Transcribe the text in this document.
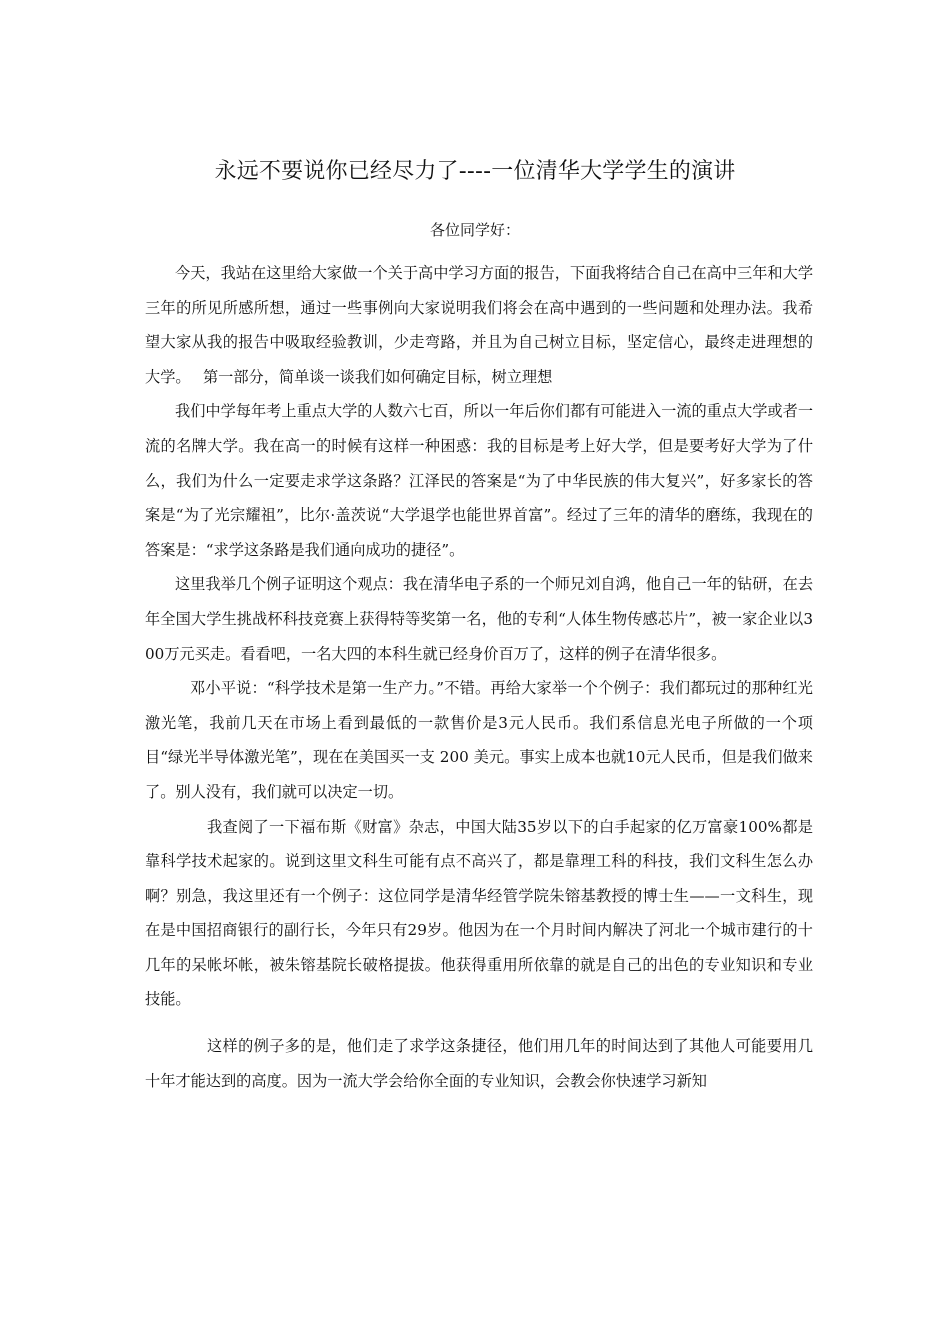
永远不要说你已经尽力了----一位清华大学学生的演讲
各位同学好：

今天，我站在这里给大家做一个关于高中学习方面的报告，下面我将结合自己在高中三年和大学三年的所见所感所想，通过一些事例向大家说明我们将会在高中遇到的一些问题和处理办法。我希望大家从我的报告中吸取经验教训，少走弯路，并且为自己树立目标，坚定信心，最终走进理想的大学。　 第一部分，简单谈一谈我们如何确定目标，树立理想

我们中学每年考上重点大学的人数六七百，所以一年后你们都有可能进入一流的重点大学或者一流的名牌大学。我在高一的时候有这样一种困惑：我的目标是考上好大学，但是要考好大学为了什么，我们为什么一定要走求学这条路？江泽民的答案是“为了中华民族的伟大复兴”，好多家长的答案是“为了光宗耀祖”，比尔·盖茨说“大学退学也能世界首富”。经过了三年的清华的磨练，我现在的答案是：“求学这条路是我们通向成功的捷径”。

这里我举几个例子证明这个观点：我在清华电子系的一个师兄刘自鸿，他自己一年的钻研，在去年全国大学生挑战杯科技竞赛上获得特等奖第一名，他的专利“人体生物传感芯片”，被一家企业以300万元买走。看看吧，一名大四的本科生就已经身价百万了，这样的例子在清华很多。

邓小平说：“科学技术是第一生产力。”不错。再给大家举一个个例子：我们都玩过的那种红光激光笔，我前几天在市场上看到最低的一款售价是3元人民币。我们系信息光电子所做的一个项目“绿光半导体激光笔”，现在在美国买一支 200 美元。事实上成本也就10元人民币，但是我们做来了。别人没有，我们就可以决定一切。

我查阅了一下福布斯《财富》杂志，中国大陆35岁以下的白手起家的亿万富豪100%都是靠科学技术起家的。说到这里文科生可能有点不高兴了，都是靠理工科的科技，我们文科生怎么办啊？别急，我这里还有一个例子：这位同学是清华经管学院朱镕基教授的博士生——一文科生，现在是中国招商银行的副行长，今年只有29岁。他因为在一个月时间内解决了河北一个城市建行的十几年的呆帐坏帐，被朱镕基院长破格提拔。他获得重用所依靠的就是自己的出色的专业知识和专业技能。

这样的例子多的是，他们走了求学这条捷径，他们用几年的时间达到了其他人可能要用几十年才能达到的高度。因为一流大学会给你全面的专业知识，会教会你快速学习新知
